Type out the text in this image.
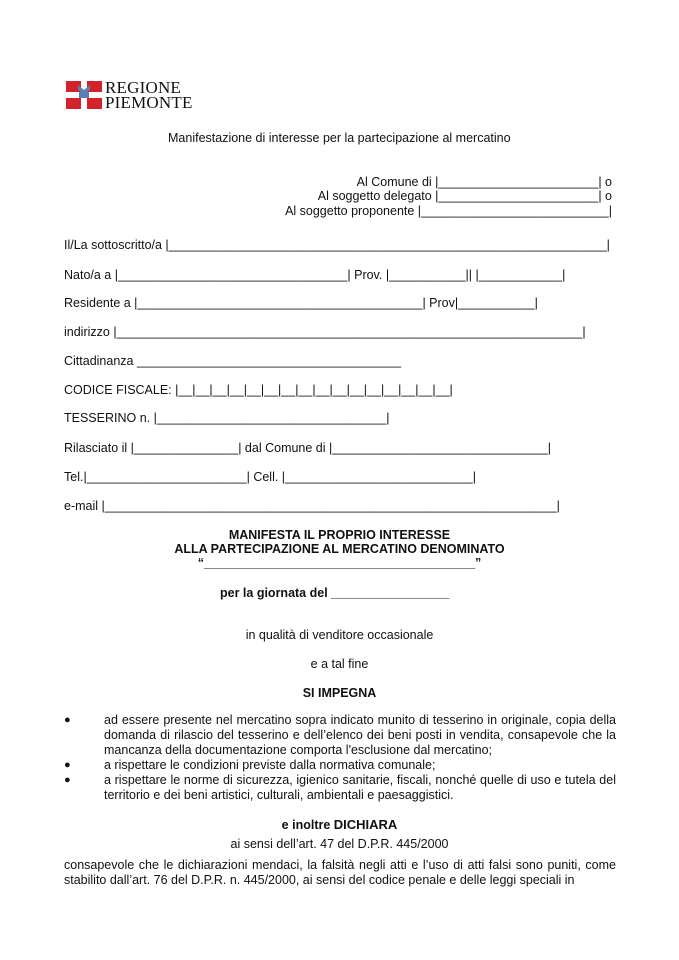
REGIONE
PIEMONTE
Manifestazione di interesse per la partecipazione al mercatino
Al Comune di |_______________________| o
Al soggetto delegato |_______________________| o
Al soggetto proponente |___________________________|
Il/La sottoscritto/a |_______________________________________________________________|
Nato/a a |_________________________________| Prov. |___________|| |____________|
Residente a |_________________________________________| Prov|___________|
indirizzo |___________________________________________________________________|
Cittadinanza ______________________________________
CODICE FISCALE: |__|__|__|__|__|__|__|__|__|__|__|__|__|__|__|__|
TESSERINO n. |_________________________________|
Rilasciato il |_______________| dal Comune di |_______________________________|
Tel.|_______________________| Cell. |___________________________|
e-mail |_________________________________________________________________|
MANIFESTA IL PROPRIO INTERESSE
ALLA PARTECIPAZIONE AL MERCATINO DENOMINATO
“_______________________________________”
per la giornata del _________________
in qualità di venditore occasionale
e a tal fine
SI IMPEGNA
●	ad essere presente nel mercatino sopra indicato munito di tesserino in originale, copia della domanda di rilascio del tesserino e dell’elenco dei beni posti in vendita, consapevole che la mancanza della documentazione comporta l'esclusione dal mercatino;
●	a rispettare le condizioni previste dalla normativa comunale;
●	a rispettare le norme di sicurezza, igienico sanitarie, fiscali, nonché quelle di uso e tutela del territorio e dei beni artistici, culturali, ambientali e paesaggistici.
e inoltre DICHIARA
ai sensi dell’art. 47 del D.P.R. 445/2000
consapevole che le dichiarazioni mendaci, la falsità negli atti e l’uso di atti falsi sono puniti, come stabilito dall’art. 76 del D.P.R. n. 445/2000, ai sensi del codice penale e delle leggi speciali in
